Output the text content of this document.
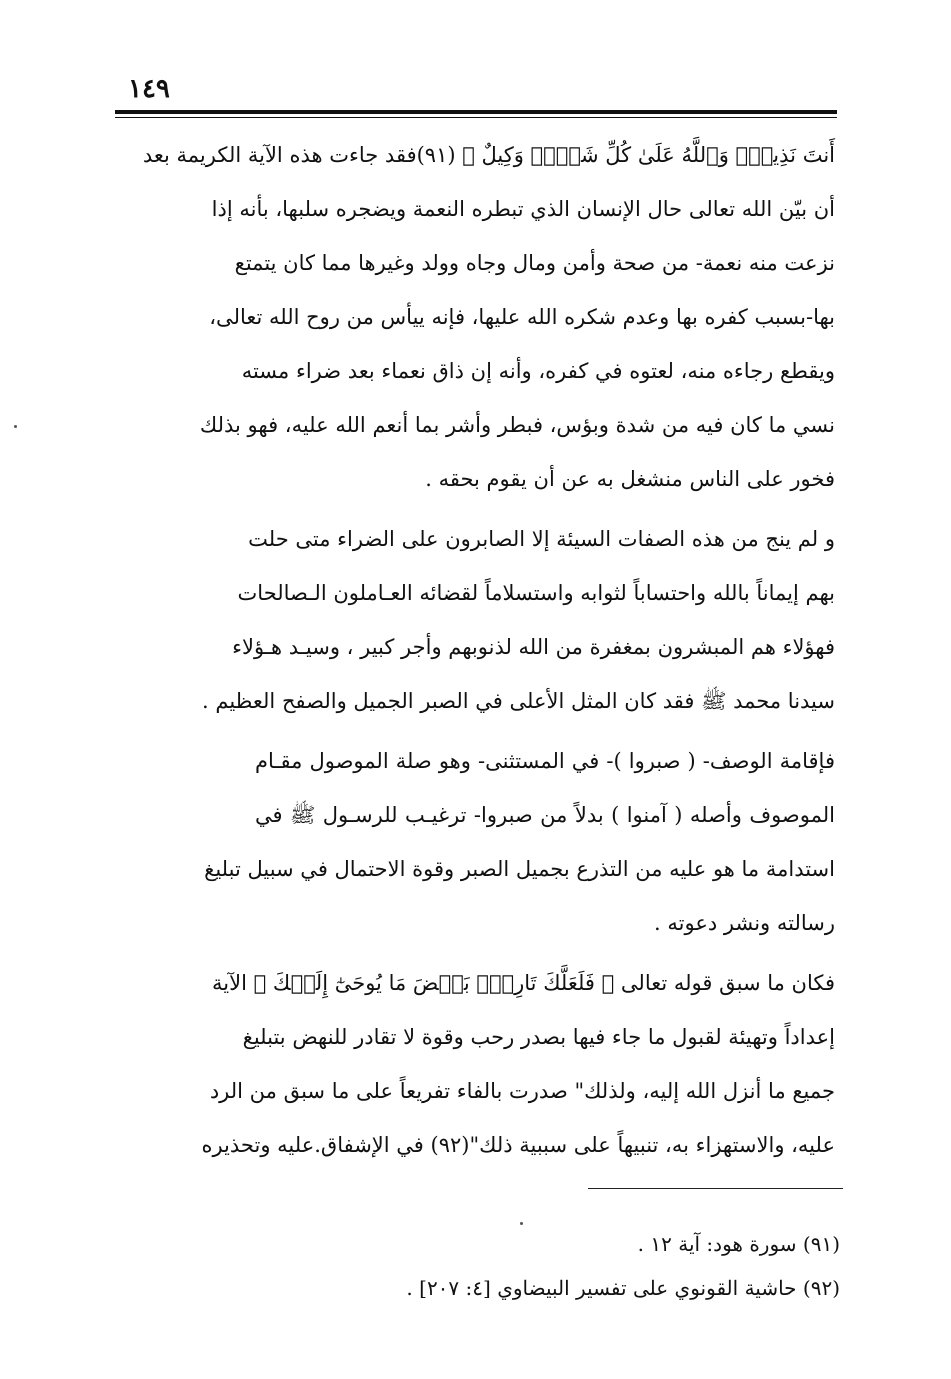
١٤٩
أَنتَ نَذِيرٌۚ وَٱللَّهُ عَلَىٰ كُلِّ شَيۡءٖ وَكِيلٌ ﴾ (٩١)فقد جاءت هذه الآية الكريمة بعد
أن بيّن الله تعالى حال الإنسان الذي تبطره النعمة ويضجره سلبها، بأنه إذا
نزعت منه نعمة- من صحة وأمن ومال وجاه وولد وغيرها مما كان يتمتع
بها-بسبب كفره بها وعدم شكره الله عليها، فإنه ييأس من روح الله تعالى،
ويقطع رجاءه منه، لعتوه في كفره، وأنه إن ذاق نعماء بعد ضراء مسته
نسي ما كان فيه من شدة وبؤس، فبطر وأشر بما أنعم الله عليه، فهو بذلك
فخور على الناس منشغل به عن أن يقوم بحقه .
و لم ينج من هذه الصفات السيئة إلا الصابرون على الضراء متى حلت
بهم إيماناً بالله واحتساباً لثوابه واستسلاماً لقضائه العـاملون الـصالحات
فهؤلاء هم المبشرون بمغفرة من الله لذنوبهم وأجر كبير ، وسيـد هـؤلاء
سيدنا محمد ﷺ فقد كان المثل الأعلى في الصبر الجميل والصفح العظيم .
فإقامة الوصف- ( صبروا )- في المستثنى- وهو صلة الموصول مقـام
الموصوف وأصله ( آمنوا ) بدلاً من صبروا- ترغيـب للرسـول ﷺ في
استدامة ما هو عليه من التذرع بجميل الصبر وقوة الاحتمال في سبيل تبليغ
رسالته ونشر دعوته .
فكان ما سبق قوله تعالى ﴿ فَلَعَلَّكَ تَارِكُۢ بَعۡضَ مَا يُوحَىٰٓ إِلَيۡكَ ﴾ الآية
إعداداً وتهيئة لقبول ما جاء فيها بصدر رحب وقوة لا تقادر للنهض بتبليغ
جميع ما أنزل الله إليه، ولذلك" صدرت بالفاء تفريعاً على ما سبق من الرد
عليه، والاستهزاء به، تنبيهاً على سببية ذلك"(٩٢) في الإشفاق.عليه وتحذيره
(٩١) سورة هود: آية ١٢ .
(٩٢) حاشية القونوي على تفسير البيضاوي [٤: ٢٠٧] .
